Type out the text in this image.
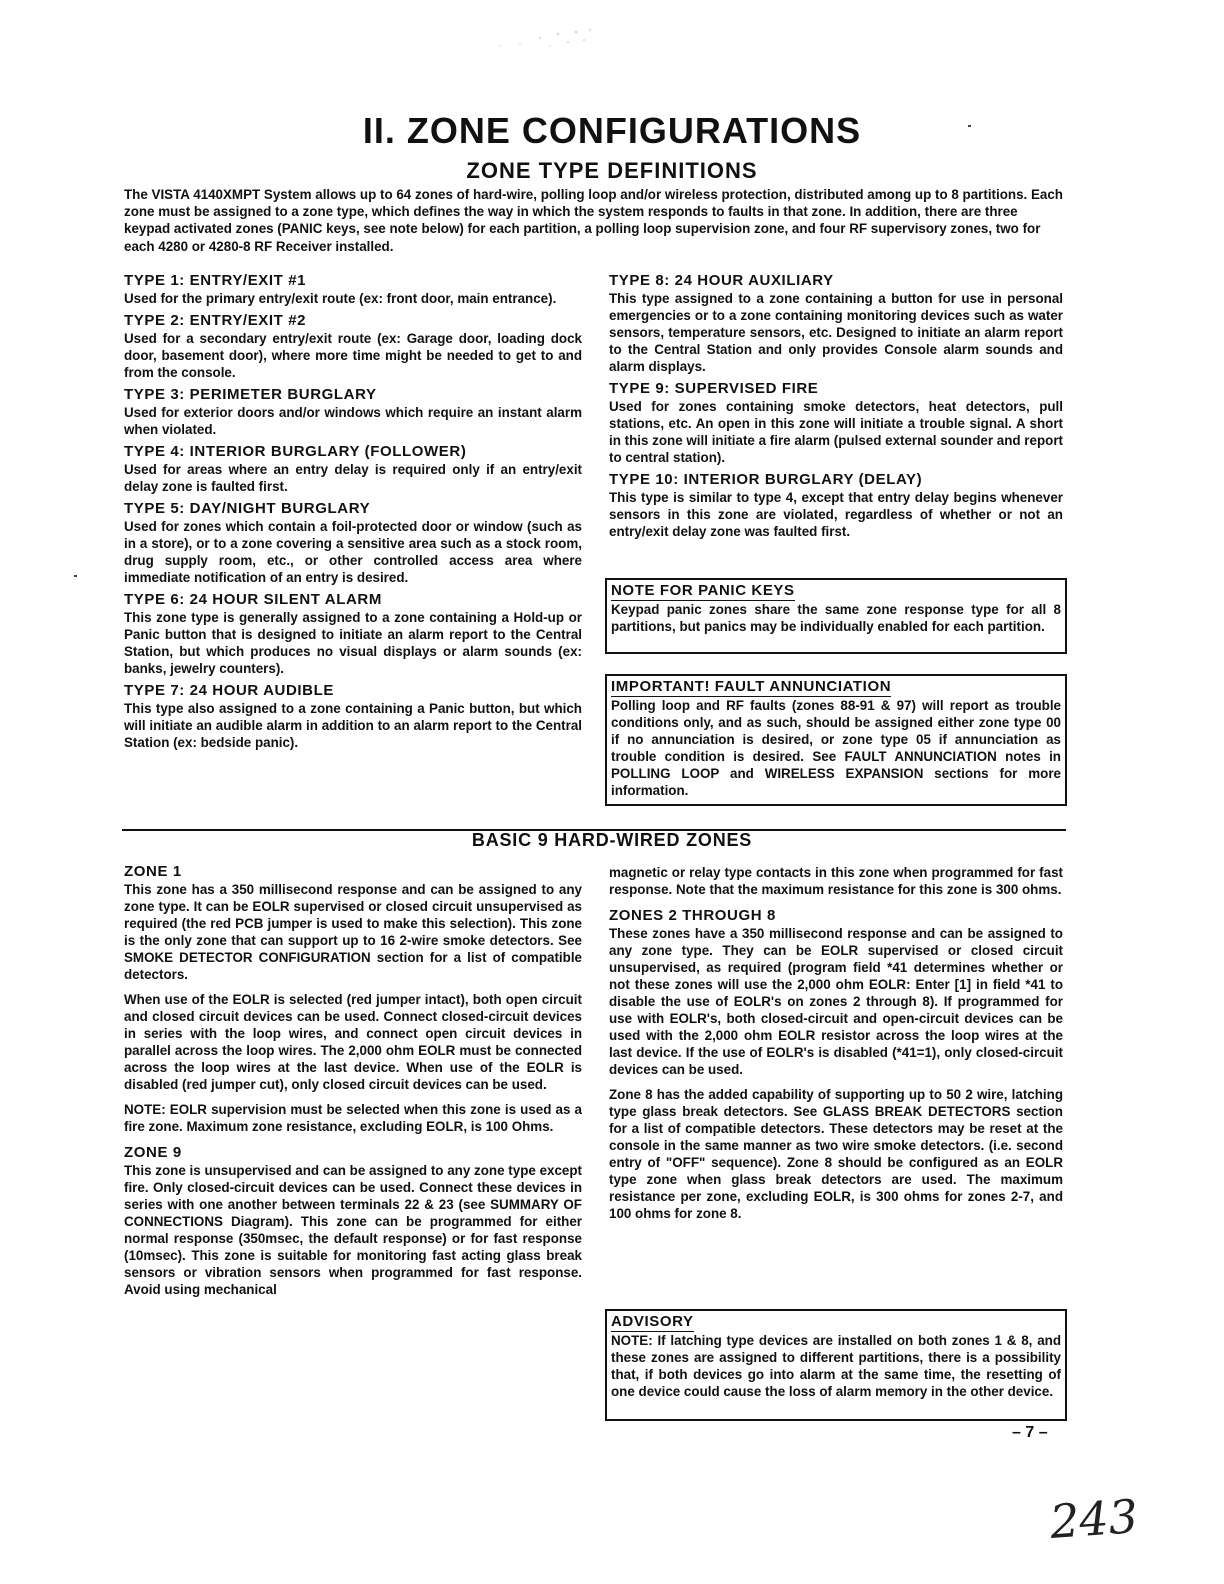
II. ZONE CONFIGURATIONS
ZONE TYPE DEFINITIONS

The VISTA 4140XMPT System allows up to 64 zones of hard-wire, polling loop and/or wireless protection, distributed among up to 8 partitions. Each zone must be assigned to a zone type, which defines the way in which the system responds to faults in that zone. In addition, there are three keypad activated zones (PANIC keys, see note below) for each partition, a polling loop supervision zone, and four RF supervisory zones, two for each 4280 or 4280-8 RF Receiver installed.

TYPE 1: ENTRY/EXIT #1

Used for the primary entry/exit route (ex: front door, main entrance).

TYPE 2: ENTRY/EXIT #2

Used for a secondary entry/exit route (ex: Garage door, loading dock door, basement door), where more time might be needed to get to and from the console.

TYPE 3: PERIMETER BURGLARY

Used for exterior doors and/or windows which require an instant alarm when violated.

TYPE 4: INTERIOR BURGLARY (FOLLOWER)

Used for areas where an entry delay is required only if an entry/exit delay zone is faulted first.

TYPE 5: DAY/NIGHT BURGLARY

Used for zones which contain a foil-protected door or window (such as in a store), or to a zone covering a sensitive area such as a stock room, drug supply room, etc., or other controlled access area where immediate notification of an entry is desired.

TYPE 6: 24 HOUR SILENT ALARM

This zone type is generally assigned to a zone containing a Hold-up or Panic button that is designed to initiate an alarm report to the Central Station, but which produces no visual displays or alarm sounds (ex: banks, jewelry counters).

TYPE 7: 24 HOUR AUDIBLE

This type also assigned to a zone containing a Panic button, but which will initiate an audible alarm in addition to an alarm report to the Central Station (ex: bedside panic).

TYPE 8: 24 HOUR AUXILIARY

This type assigned to a zone containing a button for use in personal emergencies or to a zone containing monitoring devices such as water sensors, temperature sensors, etc. Designed to initiate an alarm report to the Central Station and only provides Console alarm sounds and alarm displays.

TYPE 9: SUPERVISED FIRE

Used for zones containing smoke detectors, heat detectors, pull stations, etc. An open in this zone will initiate a trouble signal. A short in this zone will initiate a fire alarm (pulsed external sounder and report to central station).

TYPE 10: INTERIOR BURGLARY (DELAY)

This type is similar to type 4, except that entry delay begins whenever sensors in this zone are violated, regardless of whether or not an entry/exit delay zone was faulted first.

NOTE FOR PANIC KEYS

Keypad panic zones share the same zone response type for all 8 partitions, but panics may be individually enabled for each partition.

IMPORTANT! FAULT ANNUNCIATION

Polling loop and RF faults (zones 88-91 & 97) will report as trouble conditions only, and as such, should be assigned either zone type 00 if no annunciation is desired, or zone type 05 if annunciation as trouble condition is desired. See FAULT ANNUNCIATION notes in POLLING LOOP and WIRELESS EXPANSION sections for more information.

BASIC 9 HARD-WIRED ZONES
ZONE 1

This zone has a 350 millisecond response and can be assigned to any zone type. It can be EOLR supervised or closed circuit unsupervised as required (the red PCB jumper is used to make this selection). This zone is the only zone that can support up to 16 2-wire smoke detectors. See SMOKE DETECTOR CONFIGURATION section for a list of compatible detectors.

When use of the EOLR is selected (red jumper intact), both open circuit and closed circuit devices can be used. Connect closed-circuit devices in series with the loop wires, and connect open circuit devices in parallel across the loop wires. The 2,000 ohm EOLR must be connected across the loop wires at the last device. When use of the EOLR is disabled (red jumper cut), only closed circuit devices can be used.

NOTE: EOLR supervision must be selected when this zone is used as a fire zone. Maximum zone resistance, excluding EOLR, is 100 Ohms.

ZONE 9

This zone is unsupervised and can be assigned to any zone type except fire. Only closed-circuit devices can be used. Connect these devices in series with one another between terminals 22 & 23 (see SUMMARY OF CONNECTIONS Diagram). This zone can be programmed for either normal response (350msec, the default response) or for fast response (10msec). This zone is suitable for monitoring fast acting glass break sensors or vibration sensors when programmed for fast response. Avoid using mechanical

magnetic or relay type contacts in this zone when programmed for fast response. Note that the maximum resistance for this zone is 300 ohms.

ZONES 2 THROUGH 8

These zones have a 350 millisecond response and can be assigned to any zone type. They can be EOLR supervised or closed circuit unsupervised, as required (program field *41 determines whether or not these zones will use the 2,000 ohm EOLR: Enter [1] in field *41 to disable the use of EOLR's on zones 2 through 8). If programmed for use with EOLR's, both closed-circuit and open-circuit devices can be used with the 2,000 ohm EOLR resistor across the loop wires at the last device. If the use of EOLR's is disabled (*41=1), only closed-circuit devices can be used.

Zone 8 has the added capability of supporting up to 50 2 wire, latching type glass break detectors. See GLASS BREAK DETECTORS section for a list of compatible detectors. These detectors may be reset at the console in the same manner as two wire smoke detectors. (i.e. second entry of "OFF" sequence). Zone 8 should be configured as an EOLR type zone when glass break detectors are used. The maximum resistance per zone, excluding EOLR, is 300 ohms for zones 2-7, and 100 ohms for zone 8.

ADVISORY

NOTE: If latching type devices are installed on both zones 1 & 8, and these zones are assigned to different partitions, there is a possibility that, if both devices go into alarm at the same time, the resetting of one device could cause the loss of alarm memory in the other device.

– 7 –
243
